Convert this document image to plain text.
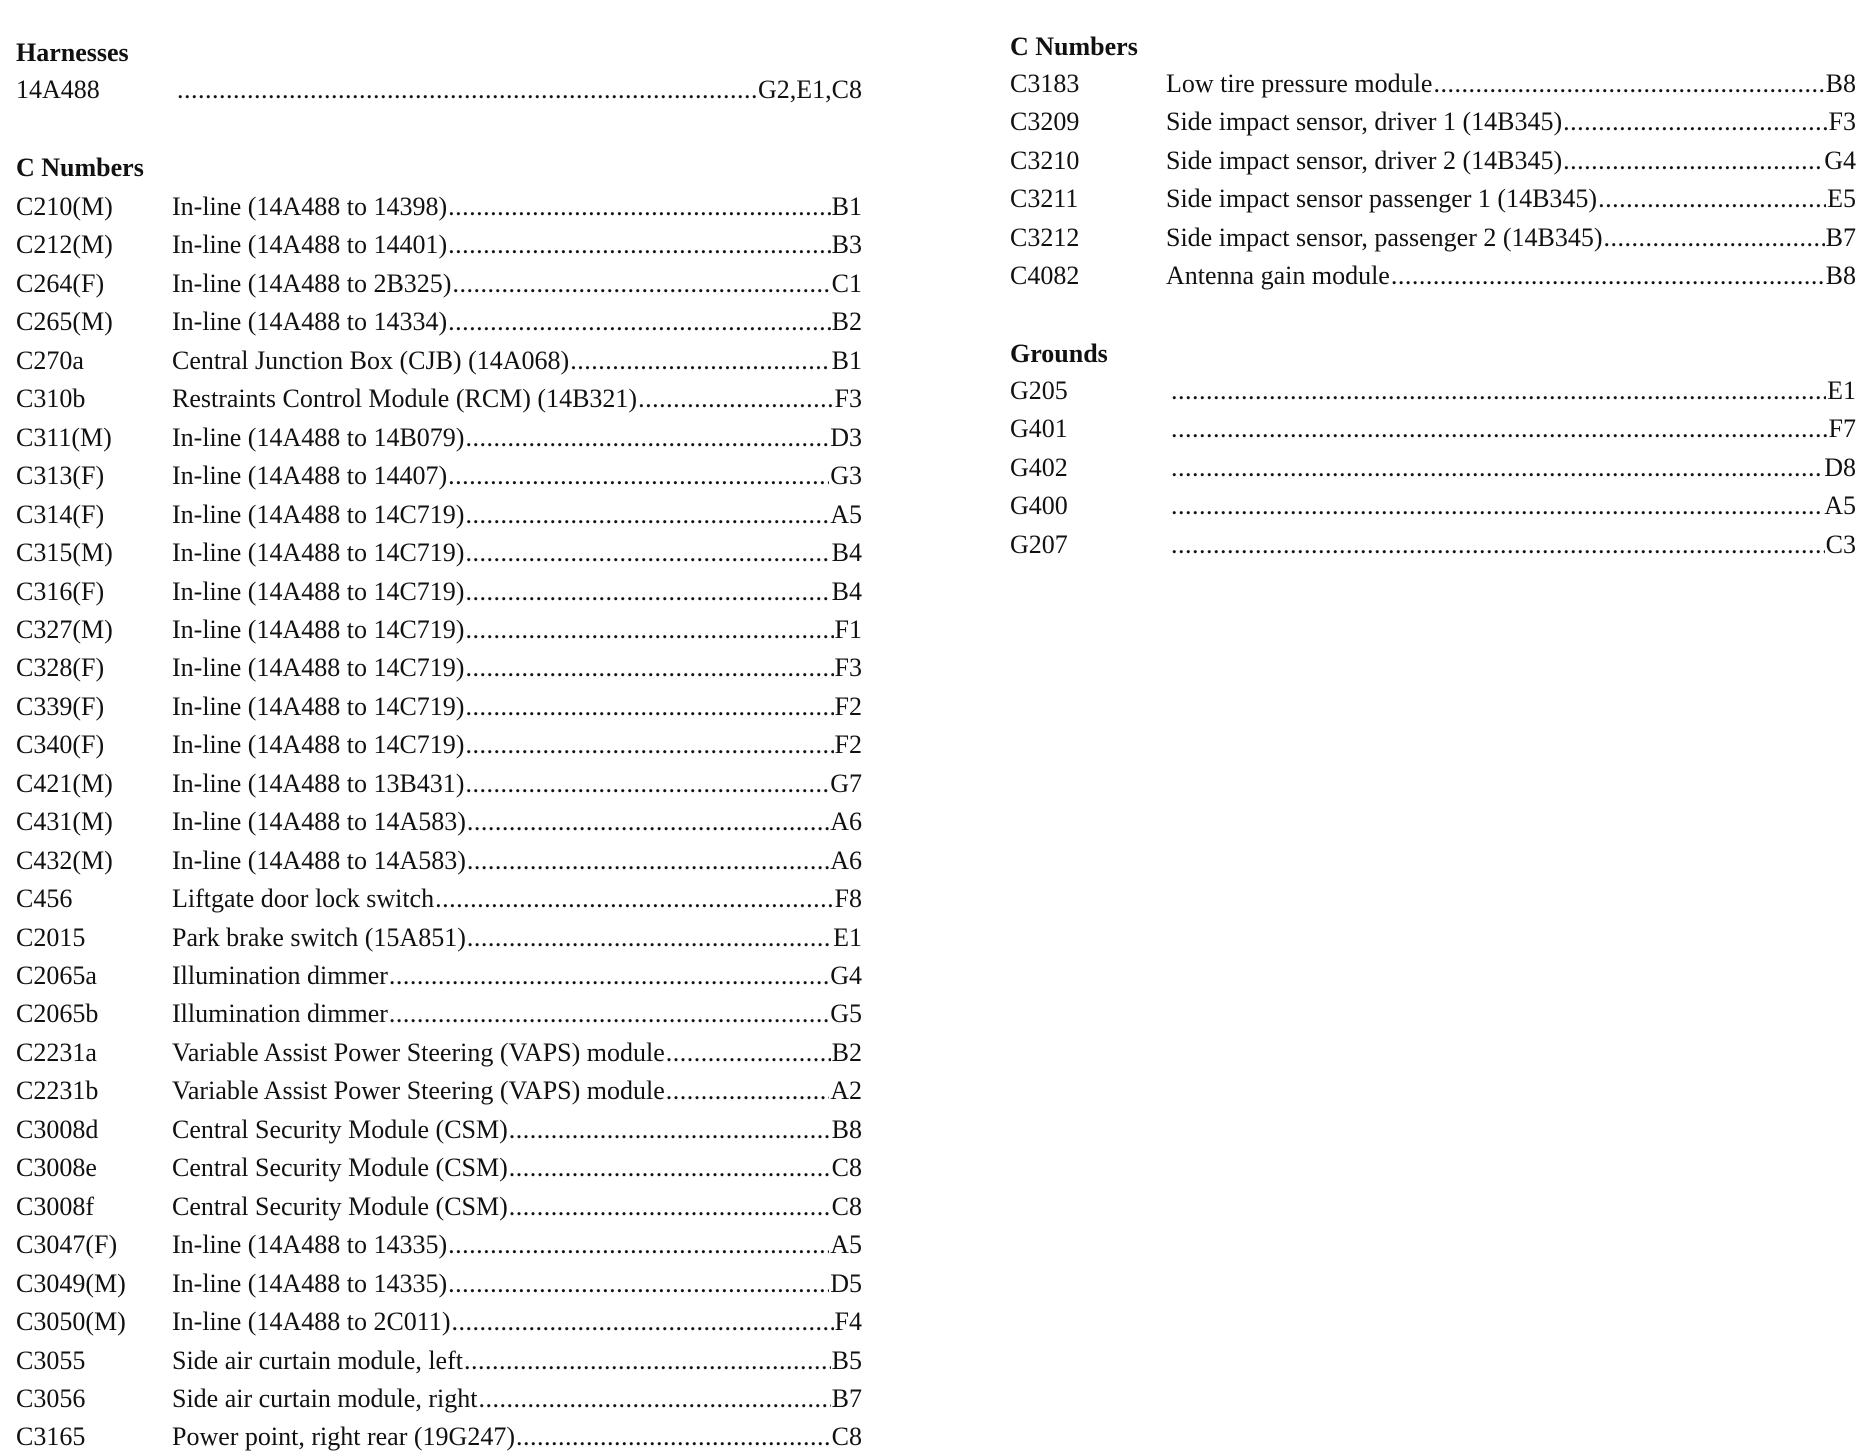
Harnesses
14A488 .....	G2,E1,C8
C Numbers
C210(M) In-line (14A488 to 14398) .....	B1
C212(M) In-line (14A488 to 14401) .....	B3
C264(F)	In-line (14A488 to 2B325) .....	C1
C265(M) In-line (14A488 to 14334) .....	B2
C270a	Central Junction Box (CJB) (14A068) .....	B1
C310b	Restraints Control Module (RCM) (14B321) .....	F3
C311(M) In-line (14A488 to 14B079) .....	D3
C313(F)	In-line (14A488 to 14407) .....	G3
C314(F)	In-line (14A488 to 14C719) .....	A5
C315(M) In-line (14A488 to 14C719) .....	B4
C316(F)	In-line (14A488 to 14C719) .....	B4
C327(M) In-line (14A488 to 14C719) .....	F1
C328(F)	In-line (14A488 to 14C719) .....	F3
C339(F)	In-line (14A488 to 14C719) .....	F2
C340(F)	In-line (14A488 to 14C719) .....	F2
C421(M) In-line (14A488 to 13B431) .....	G7
C431(M) In-line (14A488 to 14A583) .....	A6
C432(M) In-line (14A488 to 14A583) .....	A6
C456	Liftgate door lock switch .....	F8
C2015	Park brake switch (15A851) .....	E1
C2065a	Illumination dimmer .....	G4
C2065b	Illumination dimmer .....	G5
C2231a	Variable Assist Power Steering (VAPS) module .....	B2
C2231b	Variable Assist Power Steering (VAPS) module .....	A2
C3008d	Central Security Module (CSM) .....	B8
C3008e	Central Security Module (CSM) .....	C8
C3008f	Central Security Module (CSM) .....	C8
C3047(F) In-line (14A488 to 14335) .....	A5
C3049(M) In-line (14A488 to 14335) .....	D5
C3050(M) In-line (14A488 to 2C011) .....	F4
C3055	Side air curtain module, left .....	B5
C3056	Side air curtain module, right .....	B7
C3165	Power point, right rear (19G247) .....	C8
C Numbers
C3183	Low tire pressure module .....	B8
C3209	Side impact sensor, driver 1 (14B345) .....	F3
C3210	Side impact sensor, driver 2 (14B345) .....	G4
C3211	Side impact sensor passenger 1 (14B345) .....	E5
C3212	Side impact sensor, passenger 2 (14B345) .....	B7
C4082	Antenna gain module .....	B8
Grounds
G205 .....	E1
G401 .....	F7
G402 .....	D8
G400 .....	A5
G207 .....	C3
